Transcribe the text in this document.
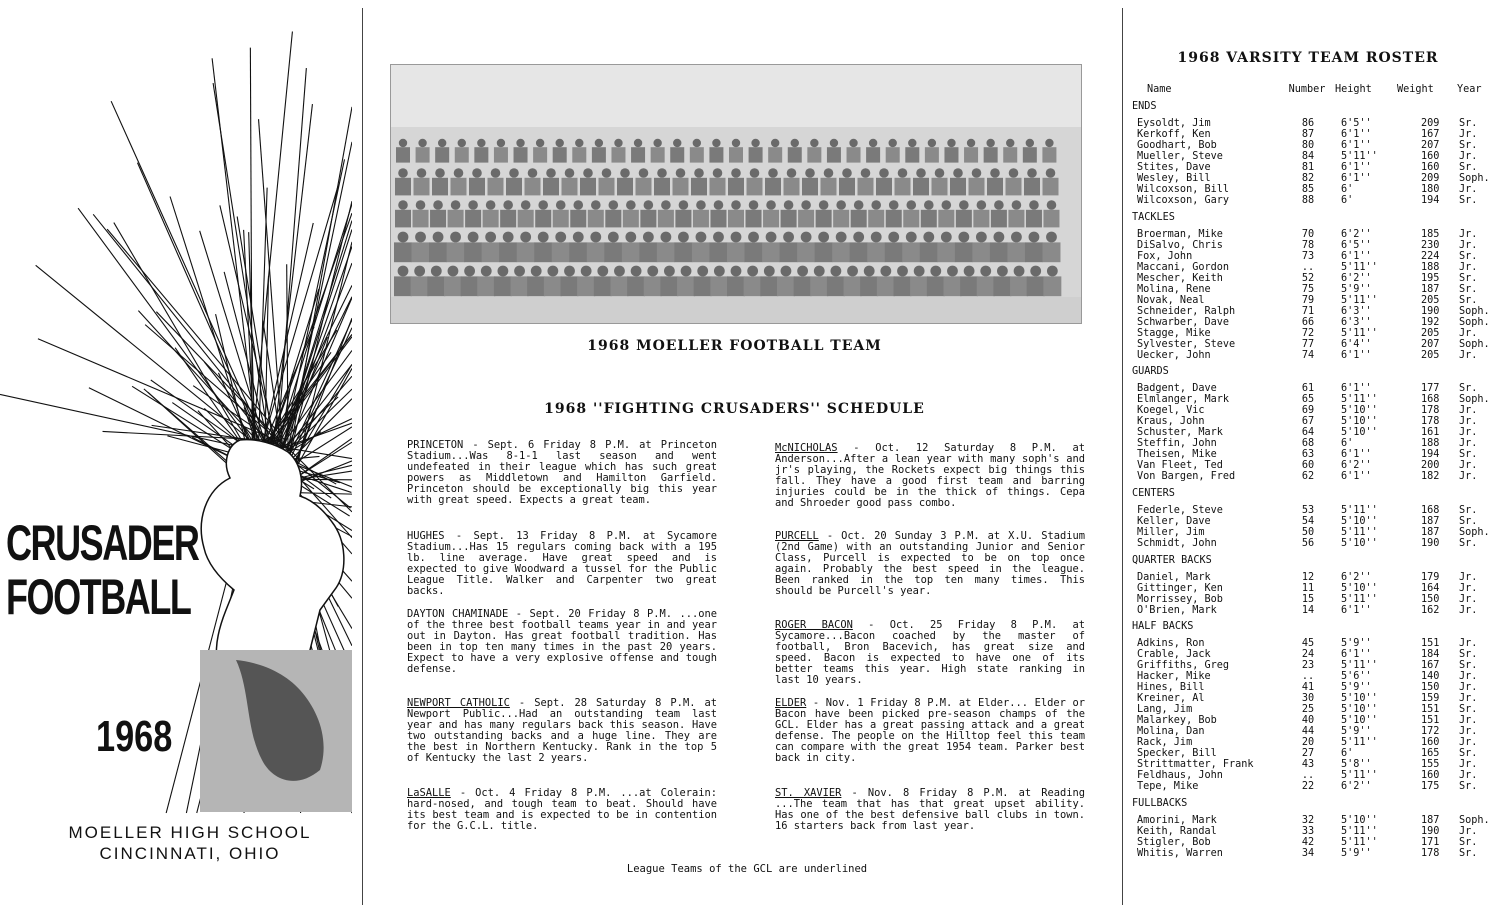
CRUSADER
FOOTBALL
1968
MOELLER HIGH SCHOOL
CINCINNATI, OHIO
1968 MOELLER FOOTBALL TEAM
1968 ''FIGHTING CRUSADERS'' SCHEDULE
PRINCETON - Sept. 6 Friday 8 P.M. at Princeton Stadium...Was 8-1-1 last season and went undefeated in their league which has such great powers as Middletown and Hamilton Garfield. Princeton should be exceptionally big this year with great speed. Expects a great team.
HUGHES - Sept. 13 Friday 8 P.M. at Sycamore Stadium...Has 15 regulars coming back with a 195 lb. line average. Have great speed and is expected to give Woodward a tussel for the Public League Title. Walker and Carpenter two great backs.
DAYTON CHAMINADE - Sept. 20 Friday 8 P.M. ...one of the three best football teams year in and year out in Dayton. Has great football tradition. Has been in top ten many times in the past 20 years. Expect to have a very explosive offense and tough defense.
NEWPORT CATHOLIC - Sept. 28 Saturday 8 P.M. at Newport Public...Had an outstanding team last year and has many regulars back this season. Have two outstanding backs and a huge line. They are the best in Northern Kentucky. Rank in the top 5 of Kentucky the last 2 years.
LaSALLE - Oct. 4 Friday 8 P.M. ...at Colerain: hard-nosed, and tough team to beat. Should have its best team and is expected to be in contention for the G.C.L. title.
McNICHOLAS - Oct. 12 Saturday 8 P.M. at Anderson...After a lean year with many soph's and jr's playing, the Rockets expect big things this fall. They have a good first team and barring injuries could be in the thick of things. Cepa and Shroeder good pass combo.
PURCELL - Oct. 20 Sunday 3 P.M. at X.U. Stadium (2nd Game) with an outstanding Junior and Senior Class, Purcell is expected to be on top once again. Probably the best speed in the league. Been ranked in the top ten many times. This should be Purcell's year.
ROGER BACON - Oct. 25 Friday 8 P.M. at Sycamore...Bacon coached by the master of football, Bron Bacevich, has great size and speed. Bacon is expected to have one of its better teams this year. High state ranking in last 10 years.
ELDER - Nov. 1 Friday 8 P.M. at Elder... Elder or Bacon have been picked pre-season champs of the GCL. Elder has a great passing attack and a great defense. The people on the Hilltop feel this team can compare with the great 1954 team. Parker best back in city.
ST. XAVIER - Nov. 8 Friday 8 P.M. at Reading ...The team that has that great upset ability. Has one of the best defensive ball clubs in town. 16 starters back from last year.
League Teams of the GCL are underlined
1968 VARSITY TEAM ROSTER
Name	Number Height Weight Year
ENDS
Eysoldt, Jim	86	6'5''	209 Sr.
Kerkoff, Ken	87	6'1''	167 Jr.
Goodhart, Bob	80	6'1''	207 Sr.
Mueller, Steve	84	5'11''	160 Jr.
Stites, Dave	81	6'1''	160 Sr.
Wesley, Bill	82	6'1''	209 Soph.
Wilcoxson, Bill	85	6'	180 Jr.
Wilcoxson, Gary	88	6'	194 Sr.
TACKLES
Broerman, Mike	70	6'2''	185 Jr.
DiSalvo, Chris	78	6'5''	230 Jr.
Fox, John	73	6'1''	224 Sr.
Maccani, Gordon	..	5'11''	188 Jr.
Mescher, Keith	52	6'2''	195 Sr.
Molina, Rene	75	5'9''	187 Sr.
Novak, Neal	79	5'11''	205 Sr.
Schneider, Ralph	71	6'3''	190 Soph.
Schwarber, Dave	66	6'3''	192 Soph.
Stagge, Mike	72	5'11''	205 Jr.
Sylvester, Steve	77	6'4''	207 Soph.
Uecker, John	74	6'1''	205 Jr.
GUARDS
Badgent, Dave	61	6'1''	177 Sr.
Elmlanger, Mark	65	5'11''	168 Soph.
Koegel, Vic	69	5'10''	178 Jr.
Kraus, John	67	5'10''	178 Jr.
Schuster, Mark	64	5'10''	161 Jr.
Steffin, John	68	6'	188 Jr.
Theisen, Mike	63	6'1''	194 Sr.
Van Fleet, Ted	60	6'2''	200 Jr.
Von Bargen, Fred	62	6'1''	182 Jr.
CENTERS
Federle, Steve	53	5'11''	168 Sr.
Keller, Dave	54	5'10''	187 Sr.
Miller, Jim	50	5'11''	187 Soph.
Schmidt, John	56	5'10''	190 Sr.
QUARTER BACKS
Daniel, Mark	12	6'2''	179 Jr.
Gittinger, Ken	11	5'10''	164 Jr.
Morrissey, Bob	15	5'11''	150 Jr.
O'Brien, Mark	14	6'1''	162 Jr.
HALF BACKS
Adkins, Ron	45	5'9''	151 Jr.
Crable, Jack	24	6'1''	184 Sr.
Griffiths, Greg	23	5'11''	167 Sr.
Hacker, Mike	..	5'6''	140 Jr.
Hines, Bill	41	5'9''	150 Jr.
Kreiner, Al	30	5'10''	159 Jr.
Lang, Jim	25	5'10''	151 Sr.
Malarkey, Bob	40	5'10''	151 Jr.
Molina, Dan	44	5'9''	172 Jr.
Rack, Jim	20	5'11''	160 Jr.
Specker, Bill	27	6'	165 Sr.
Strittmatter, Frank	43	5'8''	155 Jr.
Feldhaus, John	..	5'11''	160 Jr.
Tepe, Mike	22	6'2''	175 Sr.
FULLBACKS
Amorini, Mark	32	5'10''	187 Soph.
Keith, Randal	33	5'11''	190 Jr.
Stigler, Bob	42	5'11''	171 Sr.
Whitis, Warren	34	5'9''	178 Sr.
